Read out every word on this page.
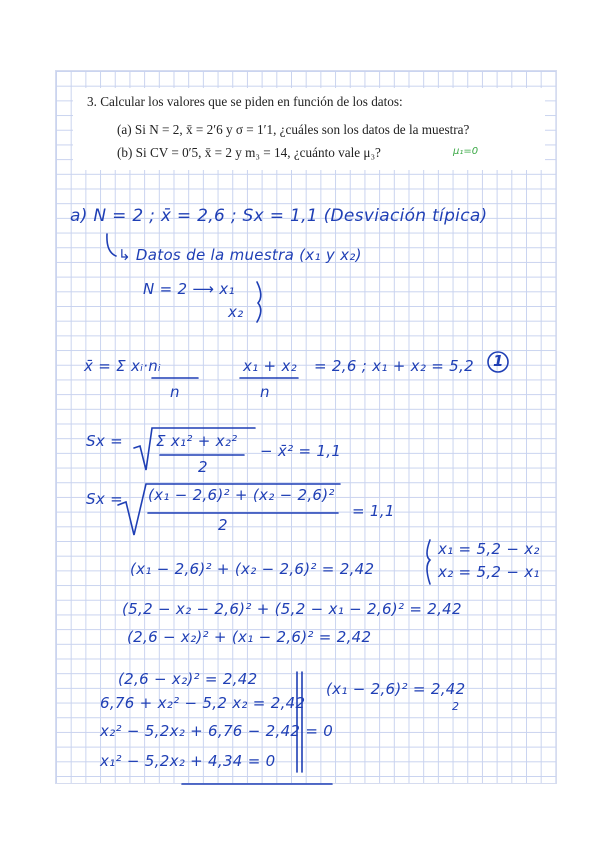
3. Calcular los valores que se piden en función de los datos:
(a) Si N = 2, x̄ = 2′6 y σ = 1′1, ¿cuáles son los datos de la muestra?
(b) Si CV = 0′5, x̄ = 2 y m₃ = 14, ¿cuánto vale μ₃?	μ₁=0
a) N = 2 ; x̄ = 2,6 ; Sx = 1,1 (Desviación típica)
↳ Datos de la muestra (x₁ y x₂)
N = 2 ⟶ x₁
x₂
x̄ = Σ xᵢ·nᵢ
n
x₁ + x₂
n
= 2,6 ; x₁ + x₂ = 5,2 1
Sx = Σ x₁² + x₂²
2
− x̄² = 1,1
Sx = (x₁ − 2,6)² + (x₂ − 2,6)²
2
= 1,1
(x₁ − 2,6)² + (x₂ − 2,6)² = 2,42
x₁ = 5,2 − x₂
x₂ = 5,2 − x₁
(5,2 − x₂ − 2,6)² + (5,2 − x₁ − 2,6)² = 2,42
(2,6 − x₂)² + (x₁ − 2,6)² = 2,42
(2,6 − x₂)² = 2,42
6,76 + x₂² − 5,2 x₂ = 2,42
x₂² − 5,2x₂ + 6,76 − 2,42 = 0
x₁² − 5,2x₂ + 4,34 = 0
(x₁ − 2,6)² = 2,42
2
